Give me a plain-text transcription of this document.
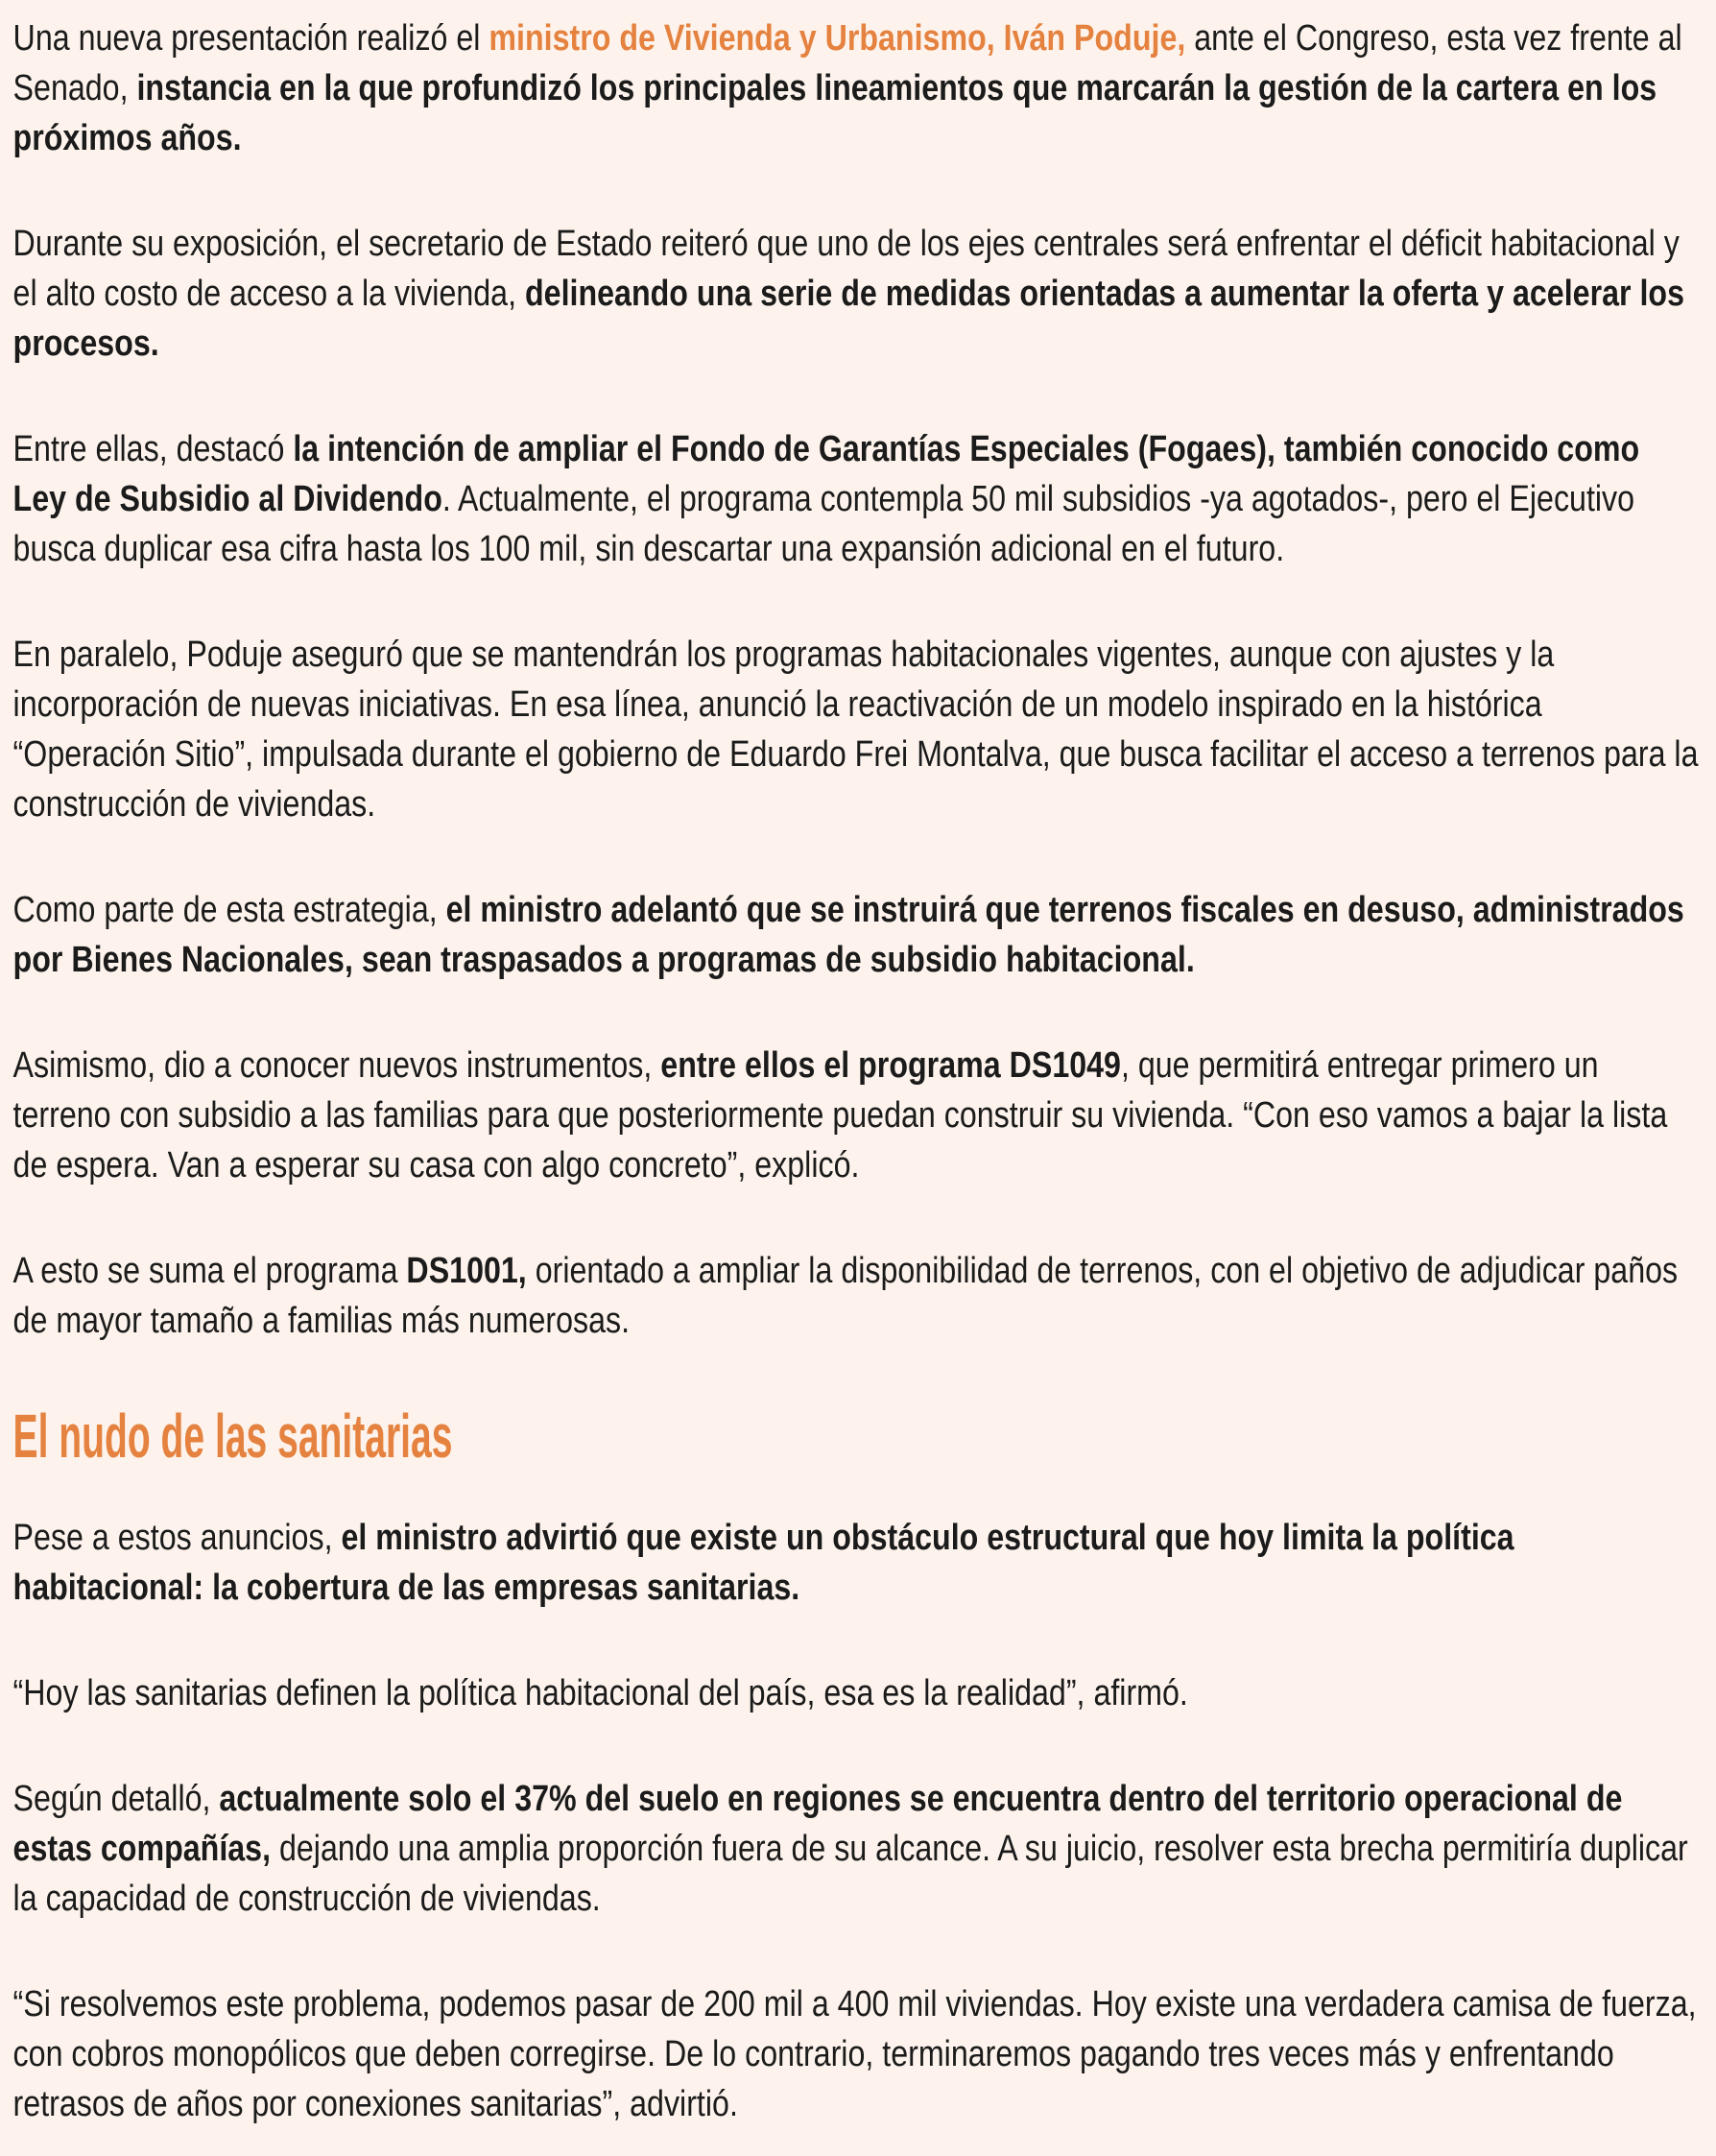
Una nueva presentación realizó el ministro de Vivienda y Urbanismo, Iván Poduje, ante el Congreso, esta vez frente al Senado, instancia en la que profundizó los principales lineamientos que marcarán la gestión de la cartera en los próximos años.

Durante su exposición, el secretario de Estado reiteró que uno de los ejes centrales será enfrentar el déficit habitacional y el alto costo de acceso a la vivienda, delineando una serie de medidas orientadas a aumentar la oferta y acelerar los procesos.

Entre ellas, destacó la intención de ampliar el Fondo de Garantías Especiales (Fogaes), también conocido como Ley de Subsidio al Dividendo. Actualmente, el programa contempla 50 mil subsidios -ya agotados-, pero el Ejecutivo busca duplicar esa cifra hasta los 100 mil, sin descartar una expansión adicional en el futuro.

En paralelo, Poduje aseguró que se mantendrán los programas habitacionales vigentes, aunque con ajustes y la incorporación de nuevas iniciativas. En esa línea, anunció la reactivación de un modelo inspirado en la histórica “Operación Sitio”, impulsada durante el gobierno de Eduardo Frei Montalva, que busca facilitar el acceso a terrenos para la construcción de viviendas.

Como parte de esta estrategia, el ministro adelantó que se instruirá que terrenos fiscales en desuso, administrados por Bienes Nacionales, sean traspasados a programas de subsidio habitacional.

Asimismo, dio a conocer nuevos instrumentos, entre ellos el programa DS1049, que permitirá entregar primero un terreno con subsidio a las familias para que posteriormente puedan construir su vivienda. “Con eso vamos a bajar la lista de espera. Van a esperar su casa con algo concreto”, explicó.

A esto se suma el programa DS1001, orientado a ampliar la disponibilidad de terrenos, con el objetivo de adjudicar paños de mayor tamaño a familias más numerosas.

El nudo de las sanitarias

Pese a estos anuncios, el ministro advirtió que existe un obstáculo estructural que hoy limita la política habitacional: la cobertura de las empresas sanitarias.

“Hoy las sanitarias definen la política habitacional del país, esa es la realidad”, afirmó.

Según detalló, actualmente solo el 37% del suelo en regiones se encuentra dentro del territorio operacional de estas compañías, dejando una amplia proporción fuera de su alcance. A su juicio, resolver esta brecha permitiría duplicar la capacidad de construcción de viviendas.

“Si resolvemos este problema, podemos pasar de 200 mil a 400 mil viviendas. Hoy existe una verdadera camisa de fuerza, con cobros monopólicos que deben corregirse. De lo contrario, terminaremos pagando tres veces más y enfrentando retrasos de años por conexiones sanitarias”, advirtió.
